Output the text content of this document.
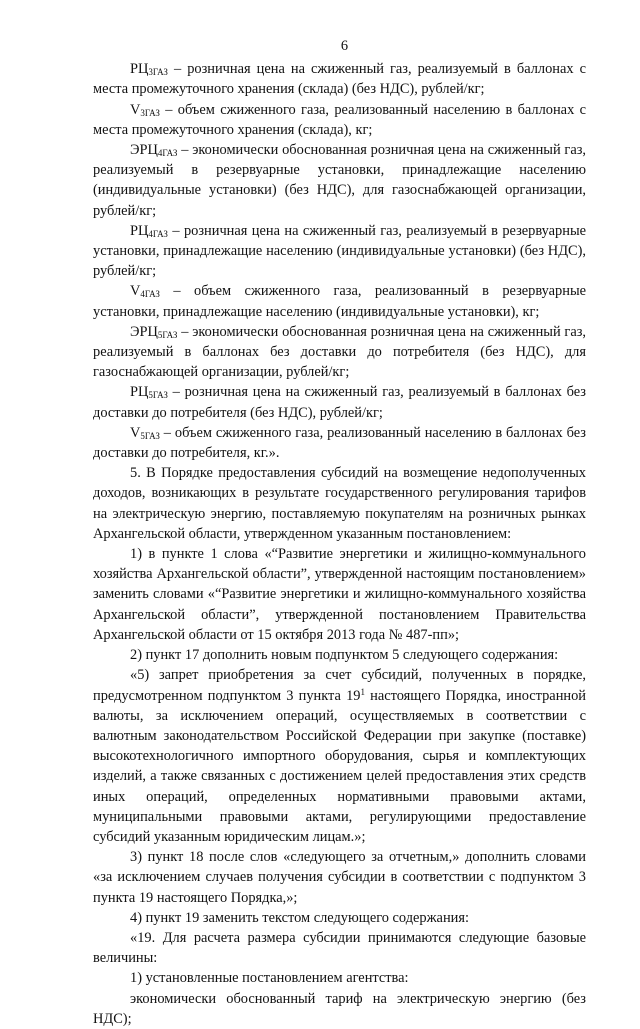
6

$РЦ_{3ГАЗ}$ – розничная цена на сжиженный газ, реализуемый в баллонах с места промежуточного хранения (склада) (без НДС), рублей/кг;

$V_{3ГАЗ}$ – объем сжиженного газа, реализованный населению в баллонах с места промежуточного хранения (склада), кг;

$ЭРЦ_{4ГАЗ}$ – экономически обоснованная розничная цена на сжиженный газ, реализуемый в резервуарные установки, принадлежащие населению (индивидуальные установки) (без НДС), для газоснабжающей организации, рублей/кг;

$РЦ_{4ГАЗ}$ – розничная цена на сжиженный газ, реализуемый в резервуарные установки, принадлежащие населению (индивидуальные установки) (без НДС), рублей/кг;

$V_{4ГАЗ}$ – объем сжиженного газа, реализованный в резервуарные установки, принадлежащие населению (индивидуальные установки), кг;

$ЭРЦ_{5ГАЗ}$ – экономически обоснованная розничная цена на сжиженный газ, реализуемый в баллонах без доставки до потребителя (без НДС), для газоснабжающей организации, рублей/кг;

$РЦ_{5ГАЗ}$ – розничная цена на сжиженный газ, реализуемый в баллонах без доставки до потребителя (без НДС), рублей/кг;

$V_{5ГАЗ}$ – объем сжиженного газа, реализованный населению в баллонах без доставки до потребителя, кг.».

5. В Порядке предоставления субсидий на возмещение недополученных доходов, возникающих в результате государственного регулирования тарифов на электрическую энергию, поставляемую покупателям на розничных рынках Архангельской области, утвержденном указанным постановлением:

1) в пункте 1 слова «“Развитие энергетики и жилищно-коммунального хозяйства Архангельской области”, утвержденной настоящим постановлением» заменить словами «“Развитие энергетики и жилищно-коммунального хозяйства Архангельской области”, утвержденной постановлением Правительства Архангельской области от 15 октября 2013 года № 487-пп»;

2) пункт 17 дополнить новым подпунктом 5 следующего содержания:

«5) запрет приобретения за счет субсидий, полученных в порядке, предусмотренном подпунктом 3 пункта $19^1$ настоящего Порядка, иностранной валюты, за исключением операций, осуществляемых в соответствии с валютным законодательством Российской Федерации при закупке (поставке) высокотехнологичного импортного оборудования, сырья и комплектующих изделий, а также связанных с достижением целей предоставления этих средств иных операций, определенных нормативными правовыми актами, муниципальными правовыми актами, регулирующими предоставление субсидий указанным юридическим лицам.»;

3) пункт 18 после слов «следующего за отчетным,» дополнить словами «за исключением случаев получения субсидии в соответствии с подпунктом 3 пункта 19 настоящего Порядка,»;

4) пункт 19 заменить текстом следующего содержания:

«19. Для расчета размера субсидии принимаются следующие базовые величины:

1) установленные постановлением агентства:

экономически обоснованный тариф на электрическую энергию (без НДС);
